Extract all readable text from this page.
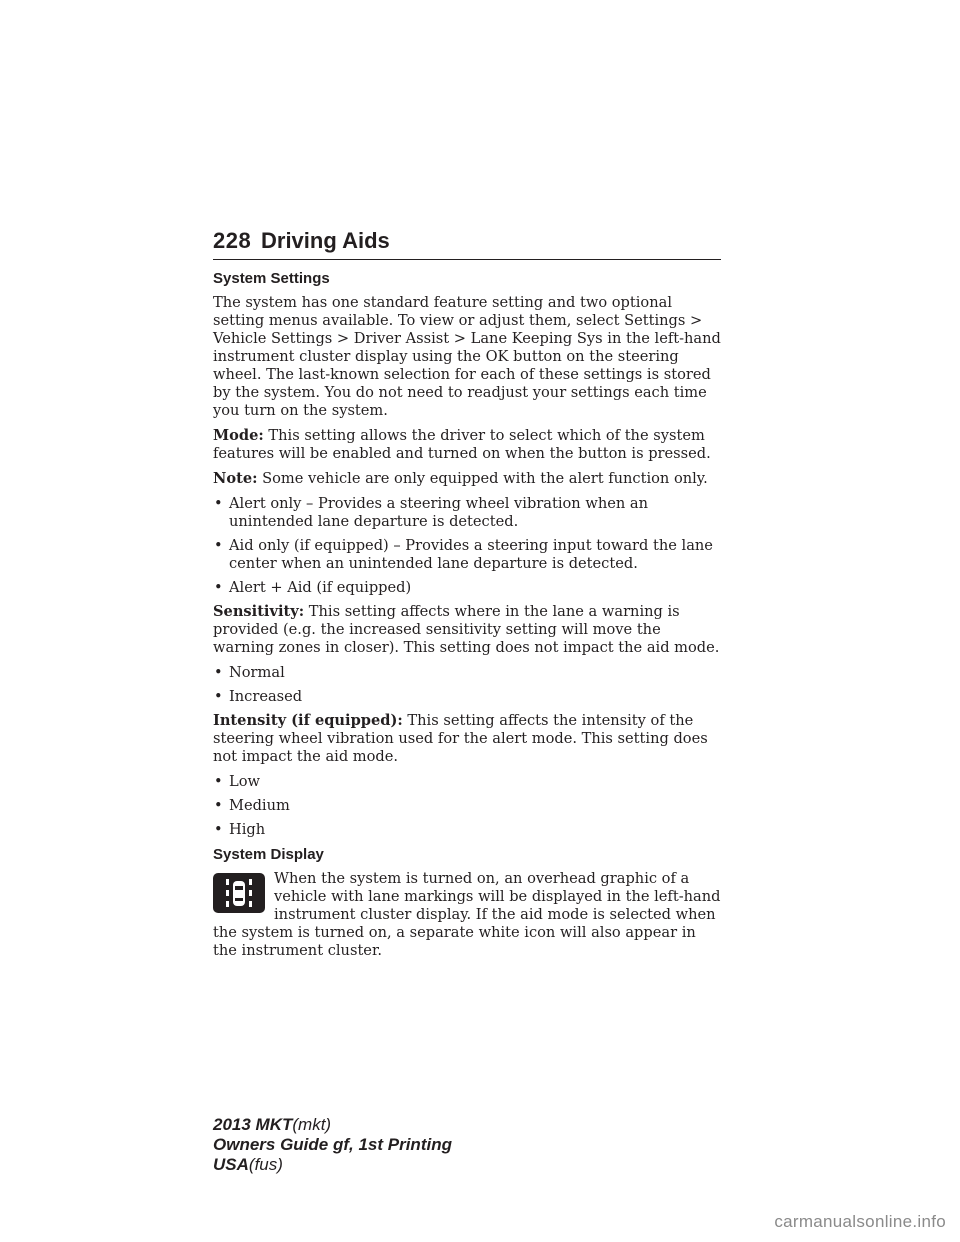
228 Driving Aids
System Settings

The system has one standard feature setting and two optional setting menus available. To view or adjust them, select Settings > Vehicle Settings > Driver Assist > Lane Keeping Sys in the left-hand instrument cluster display using the OK button on the steering wheel. The last-known selection for each of these settings is stored by the system. You do not need to readjust your settings each time you turn on the system.

Mode: This setting allows the driver to select which of the system features will be enabled and turned on when the button is pressed.

Note: Some vehicle are only equipped with the alert function only.

• Alert only – Provides a steering wheel vibration when an unintended lane departure is detected.
• Aid only (if equipped) – Provides a steering input toward the lane center when an unintended lane departure is detected.
• Alert + Aid (if equipped)

Sensitivity: This setting affects where in the lane a warning is provided (e.g. the increased sensitivity setting will move the warning zones in closer). This setting does not impact the aid mode.

• Normal
• Increased

Intensity (if equipped): This setting affects the intensity of the steering wheel vibration used for the alert mode. This setting does not impact the aid mode.

• Low
• Medium
• High
System Display

When the system is turned on, an overhead graphic of a vehicle with lane markings will be displayed in the left-hand instrument cluster display. If the aid mode is selected when the system is turned on, a separate white icon will also appear in the instrument cluster.

2013 MKT(mkt)
Owners Guide gf, 1st Printing
USA(fus)
carmanualsonline.info
